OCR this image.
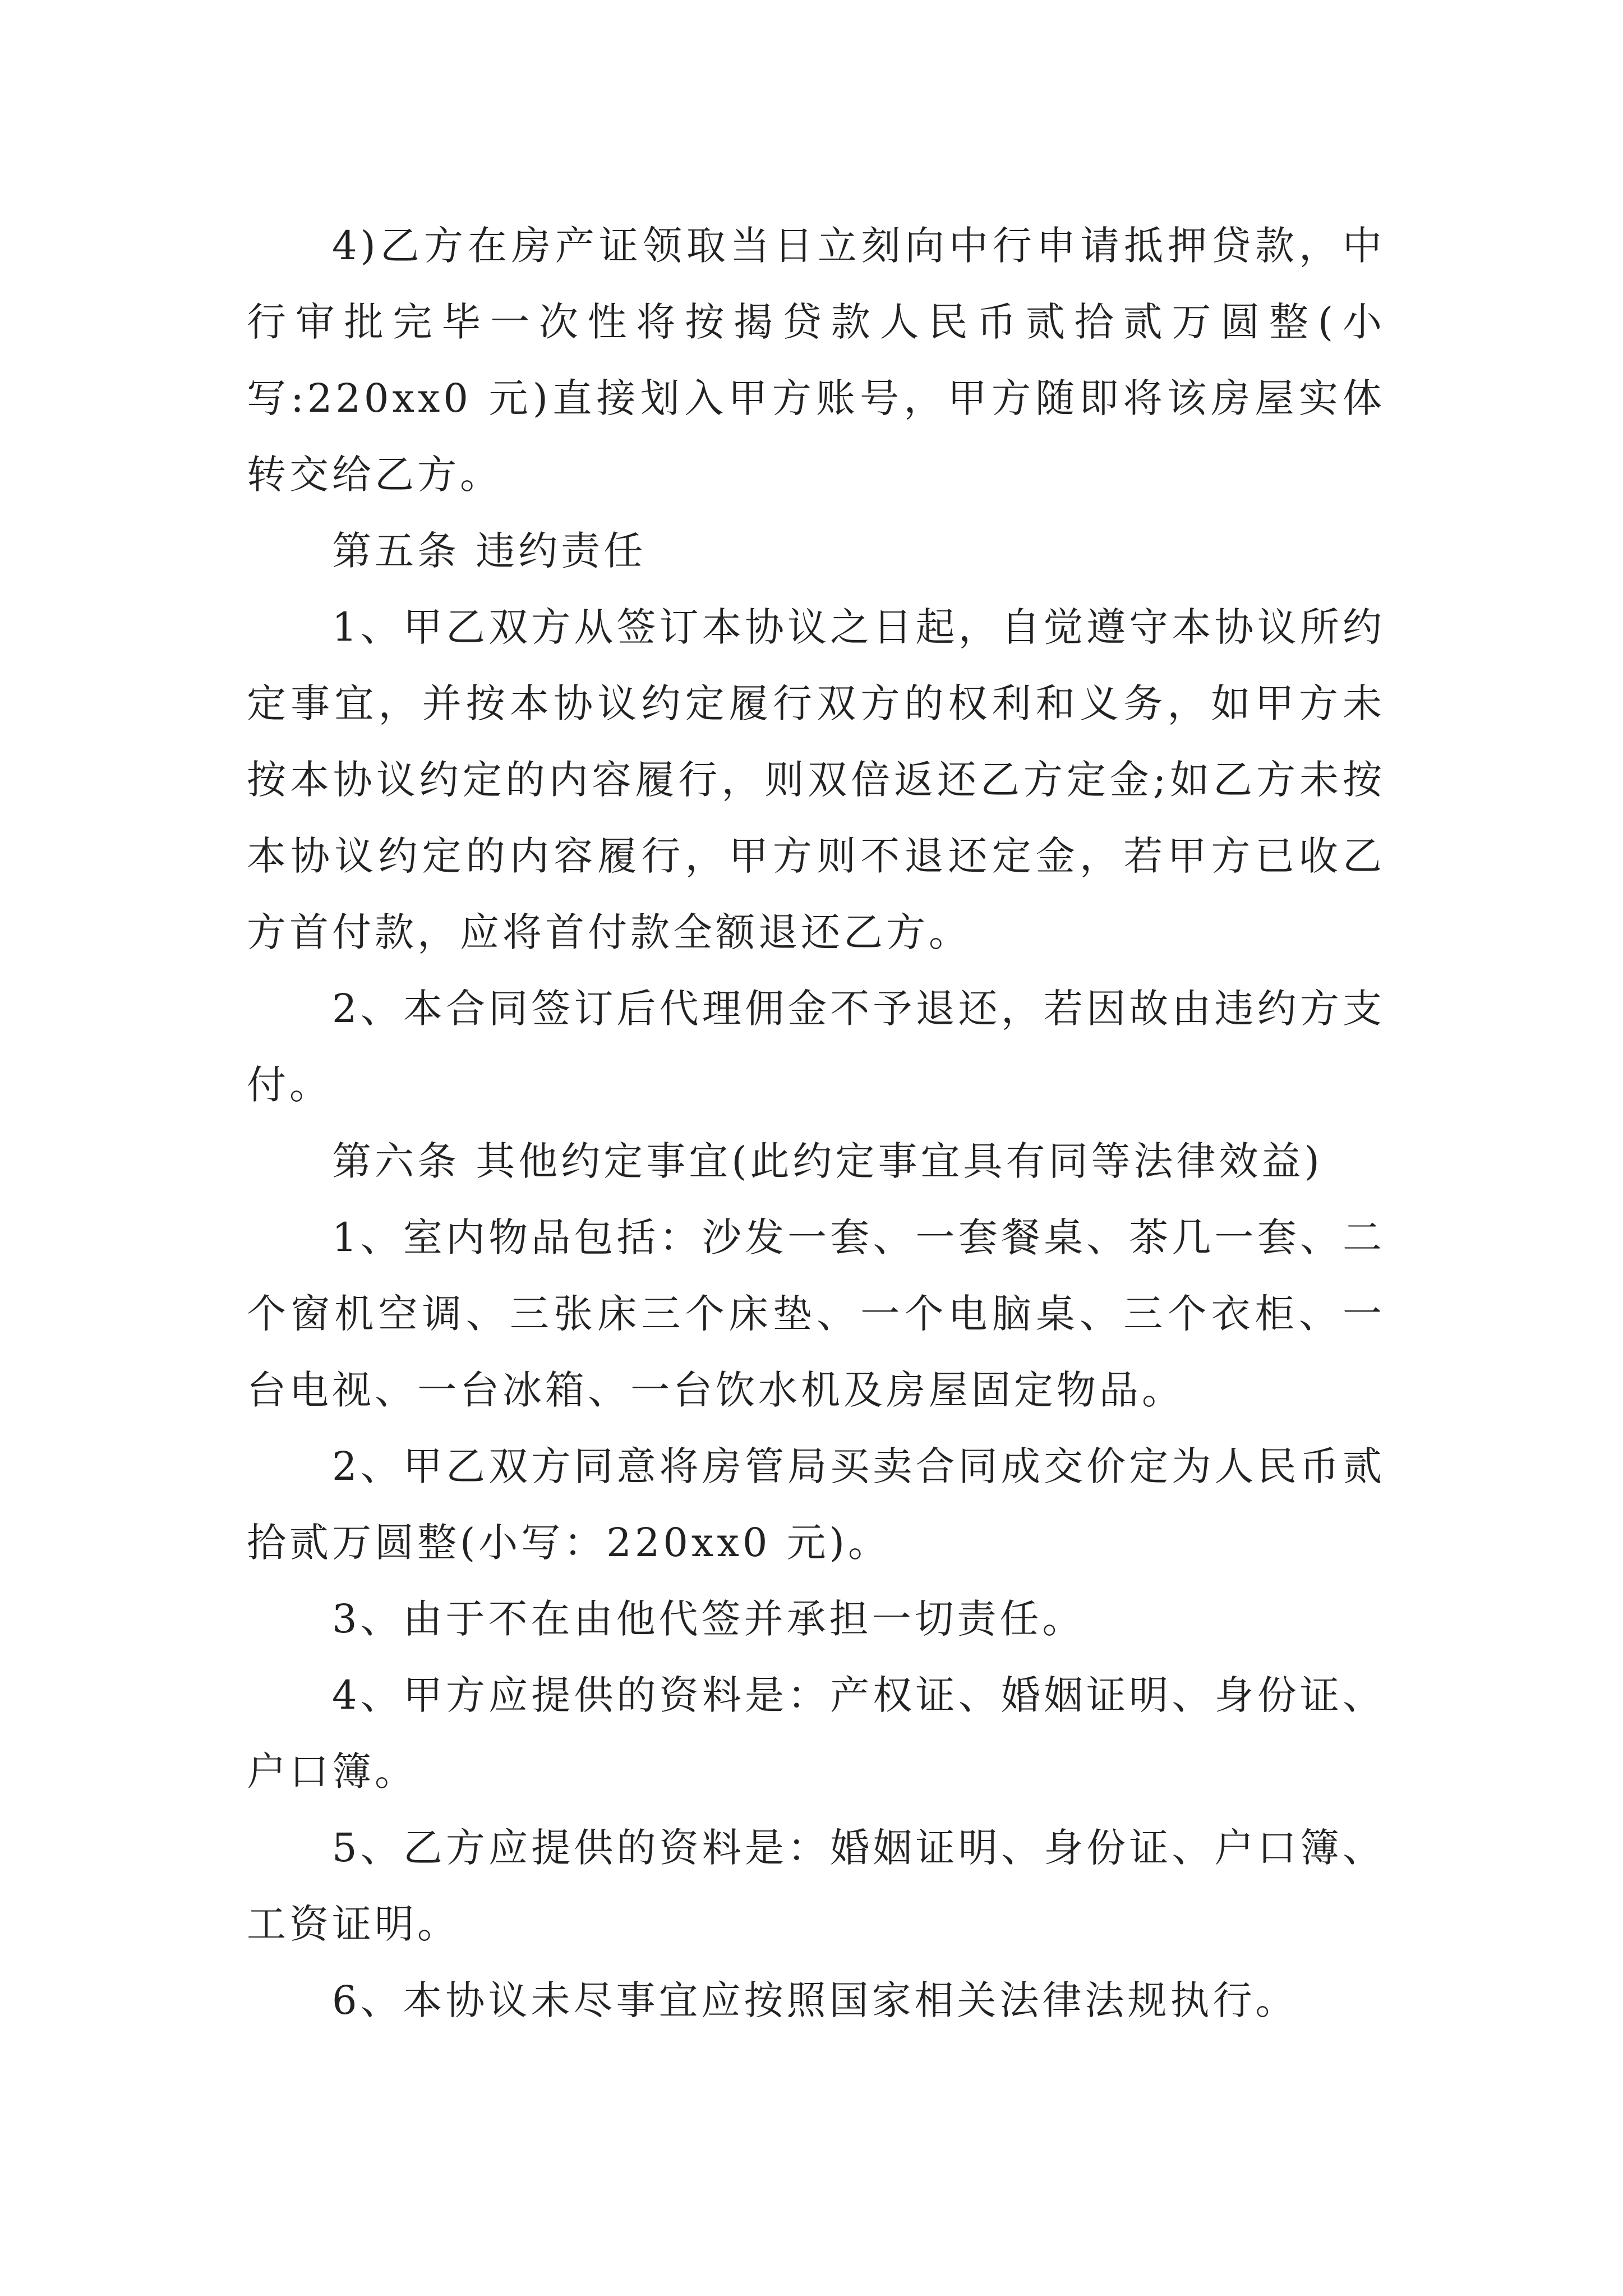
4)乙方在房产证领取当日立刻向中行申请抵押贷款，中行审批完毕一次性将按揭贷款人民币贰拾贰万圆整(小写:220xx0 元)直接划入甲方账号，甲方随即将该房屋实体转交给乙方。

第五条 违约责任

1、甲乙双方从签订本协议之日起，自觉遵守本协议所约定事宜，并按本协议约定履行双方的权利和义务，如甲方未按本协议约定的内容履行，则双倍返还乙方定金;如乙方未按本协议约定的内容履行，甲方则不退还定金，若甲方已收乙方首付款，应将首付款全额退还乙方。

2、本合同签订后代理佣金不予退还，若因故由违约方支付。

第六条 其他约定事宜(此约定事宜具有同等法律效益)

1、室内物品包括：沙发一套、一套餐桌、茶几一套、二个窗机空调、三张床三个床垫、一个电脑桌、三个衣柜、一台电视、一台冰箱、一台饮水机及房屋固定物品。

2、甲乙双方同意将房管局买卖合同成交价定为人民币贰拾贰万圆整(小写：220xx0 元)。

3、由于不在由他代签并承担一切责任。

4、甲方应提供的资料是：产权证、婚姻证明、身份证、户口簿。

5、乙方应提供的资料是：婚姻证明、身份证、户口簿、工资证明。

6、本协议未尽事宜应按照国家相关法律法规执行。
